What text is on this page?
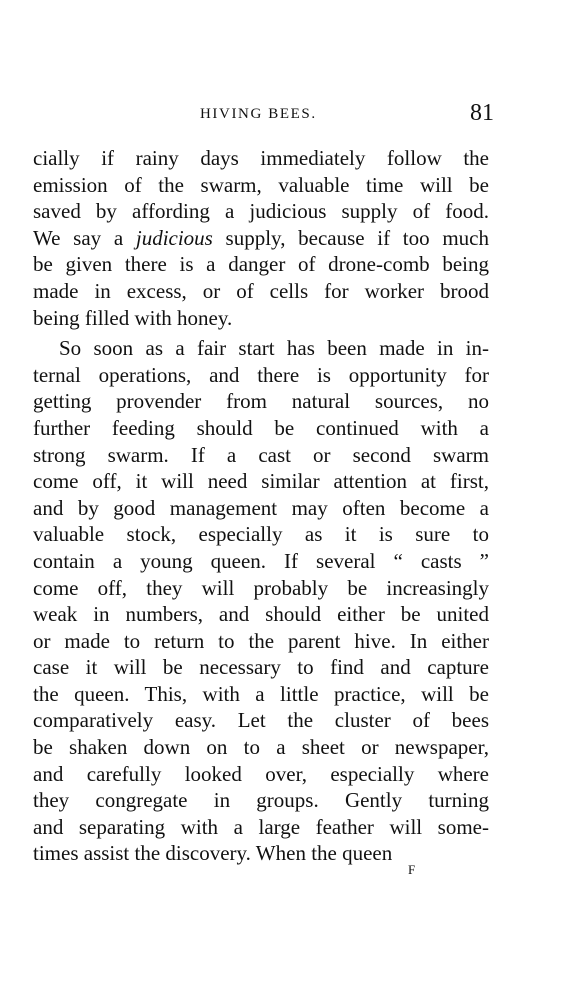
HIVING BEES.	81
cially if rainy days immediately follow the
emission of the swarm, valuable time will be
saved by affording a judicious supply of food.
We say a judicious supply, because if too much
be given there is a danger of drone-comb being
made in excess, or of cells for worker brood
being filled with honey.
So soon as a fair start has been made in in-
ternal operations, and there is opportunity for
getting provender from natural sources, no
further feeding should be continued with a
strong swarm. If a cast or second swarm
come off, it will need similar attention at first,
and by good management may often become a
valuable stock, especially as it is sure to
contain a young queen. If several “ casts ”
come off, they will probably be increasingly
weak in numbers, and should either be united
or made to return to the parent hive. In either
case it will be necessary to find and capture
the queen. This, with a little practice, will be
comparatively easy. Let the cluster of bees
be shaken down on to a sheet or newspaper,
and carefully looked over, especially where
they congregate in groups. Gently turning
and separating with a large feather will some-
times assist the discovery. When the queen
F
